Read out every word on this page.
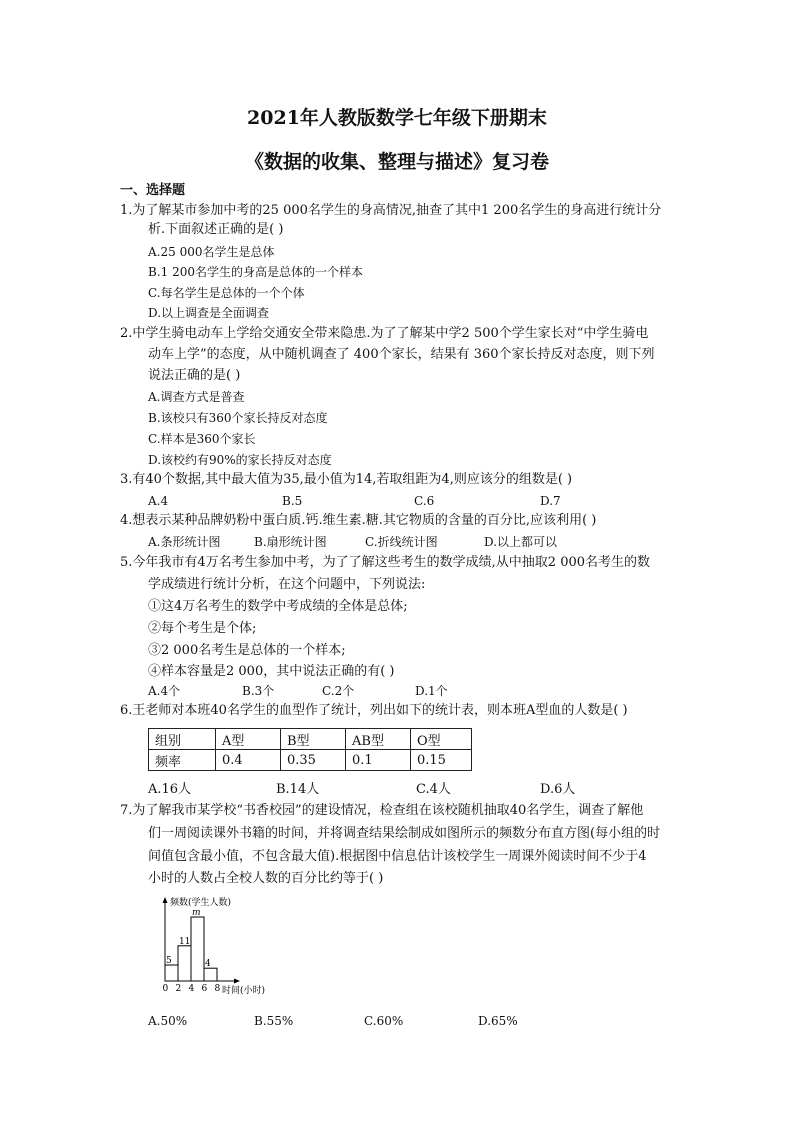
2021年人教版数学七年级下册期末
《数据的收集、整理与描述》复习卷
一、选择题
1.为了解某市参加中考的25 000名学生的身高情况,抽查了其中1 200名学生的身高进行统计分
析.下面叙述正确的是( )
A.25 000名学生是总体
B.1 200名学生的身高是总体的一个样本
C.每名学生是总体的一个个体
D.以上调查是全面调查
2.中学生骑电动车上学给交通安全带来隐患.为了了解某中学2 500个学生家长对“中学生骑电
动车上学”的态度，从中随机调查了 400个家长，结果有 360个家长持反对态度，则下列
说法正确的是( )
A.调查方式是普查
B.该校只有360个家长持反对态度
C.样本是360个家长
D.该校约有90%的家长持反对态度
3.有40个数据,其中最大值为35,最小值为14,若取组距为4,则应该分的组数是( )
A.4	B.5	C.6	D.7
4.想表示某种品牌奶粉中蛋白质.钙.维生素.糖.其它物质的含量的百分比,应该利用( )
A.条形统计图	B.扇形统计图	C.折线统计图	D.以上都可以
5.今年我市有4万名考生参加中考，为了了解这些考生的数学成绩,从中抽取2 000名考生的数
学成绩进行统计分析，在这个问题中，下列说法:
①这4万名考生的数学中考成绩的全体是总体;
②每个考生是个体;
③2 000名考生是总体的一个样本;
④样本容量是2 000，其中说法正确的有( )
A.4个	B.3个	C.2个	D.1个
6.王老师对本班40名学生的血型作了统计，列出如下的统计表，则本班A型血的人数是( )
组别	A型	B型	AB型	O型
频率	0.4	0.35	0.1	0.15
A.16人	B.14人	C.4人	D.6人
7.为了解我市某学校“书香校园”的建设情况，检查组在该校随机抽取40名学生，调查了解他
们一周阅读课外书籍的时间，并将调查结果绘制成如图所示的频数分布直方图(每小组的时
间值包含最小值，不包含最大值).根据图中信息估计该校学生一周课外阅读时间不少于4
小时的人数占全校人数的百分比约等于( )
频数(学生人数)
时间(小时)
5
11
m
4
0 2 4 6 8
A.50%	B.55%	C.60%	D.65%
